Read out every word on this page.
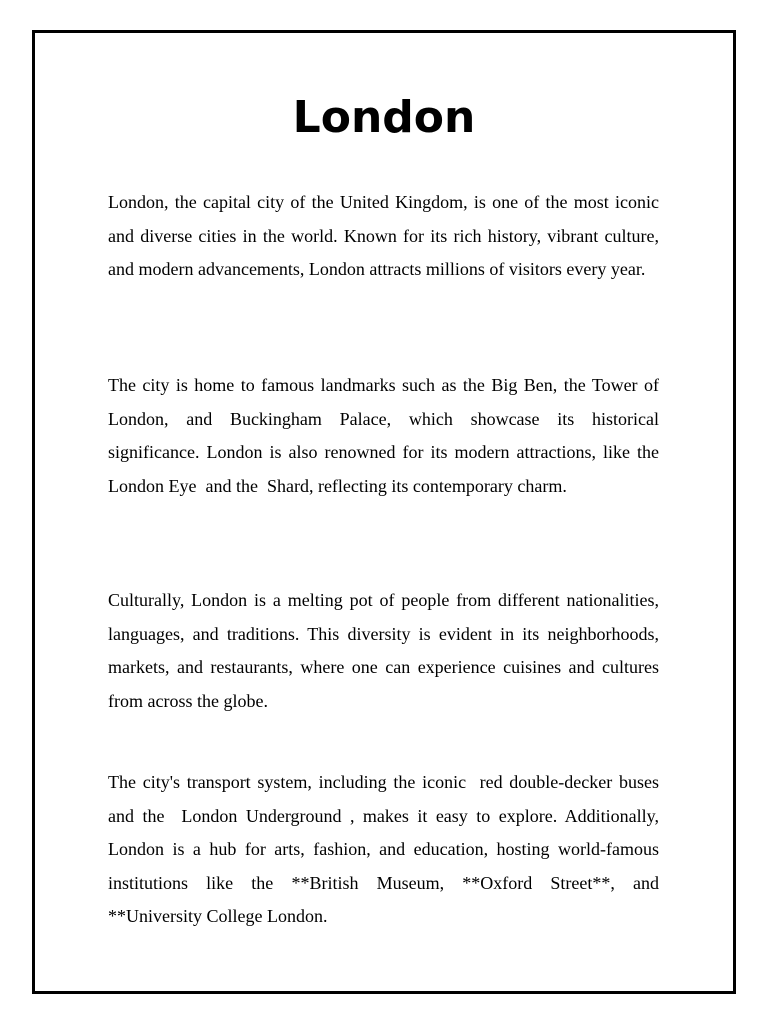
London

London, the capital city of the United Kingdom, is one of the most iconic and diverse cities in the world. Known for its rich history, vibrant culture, and modern advancements, London attracts millions of visitors every year.

The city is home to famous landmarks such as the Big Ben, the Tower of London, and Buckingham Palace, which showcase its historical significance. London is also renowned for its modern attractions, like the London Eye  and the  Shard, reflecting its contemporary charm.

Culturally, London is a melting pot of people from different nationalities, languages, and traditions. This diversity is evident in its neighborhoods, markets, and restaurants, where one can experience cuisines and cultures from across the globe.

The city's transport system, including the iconic  red double-decker buses  and the  London Underground , makes it easy to explore. Additionally, London is a hub for arts, fashion, and education, hosting world-famous institutions like the **British Museum, **Oxford Street**, and **University College London.
